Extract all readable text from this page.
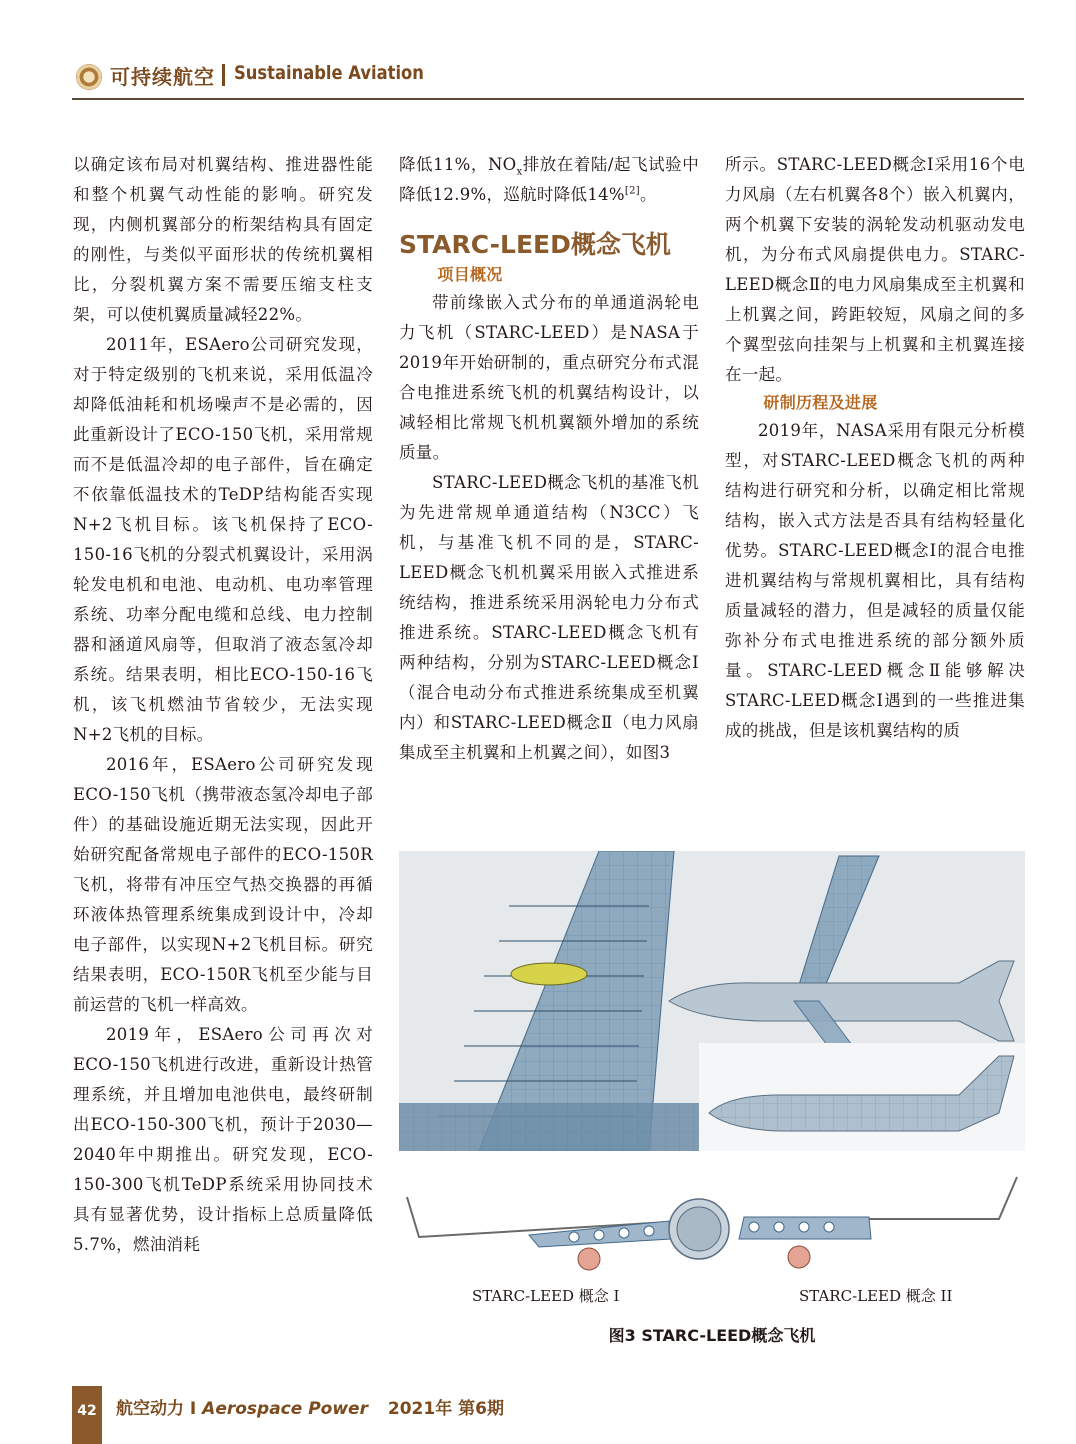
可持续航空 Sustainable Aviation

以确定该布局对机翼结构、推进器性能和整个机翼气动性能的影响。研究发现，内侧机翼部分的桁架结构具有固定的刚性，与类似平面形状的传统机翼相比，分裂机翼方案不需要压缩支柱支架，可以使机翼质量减轻22%。

2011年，ESAero公司研究发现，对于特定级别的飞机来说，采用低温冷却降低油耗和机场噪声不是必需的，因此重新设计了ECO-150飞机，采用常规而不是低温冷却的电子部件，旨在确定不依靠低温技术的TeDP结构能否实现N+2飞机目标。该飞机保持了ECO-150-16飞机的分裂式机翼设计，采用涡轮发电机和电池、电动机、电功率管理系统、功率分配电缆和总线、电力控制器和涵道风扇等，但取消了液态氢冷却系统。结果表明，相比ECO-150-16飞机，该飞机燃油节省较少，无法实现N+2飞机的目标。

2016年，ESAero公司研究发现ECO-150飞机（携带液态氢冷却电子部件）的基础设施近期无法实现，因此开始研究配备常规电子部件的ECO-150R飞机，将带有冲压空气热交换器的再循环液体热管理系统集成到设计中，冷却电子部件，以实现N+2飞机目标。研究结果表明，ECO-150R飞机至少能与目前运营的飞机一样高效。

2019年，ESAero公司再次对ECO-150飞机进行改进，重新设计热管理系统，并且增加电池供电，最终研制出ECO-150-300飞机，预计于2030—2040年中期推出。研究发现，ECO-150-300飞机TeDP系统采用协同技术具有显著优势，设计指标上总质量降低5.7%，燃油消耗

降低11%，$NO_x$排放在着陆/起飞试验中降低12.9%，巡航时降低14%[2]。

STARC-LEED概念飞机
项目概况

带前缘嵌入式分布的单通道涡轮电力飞机（STARC-LEED）是NASA于2019年开始研制的，重点研究分布式混合电推进系统飞机的机翼结构设计，以减轻相比常规飞机机翼额外增加的系统质量。

STARC-LEED概念飞机的基准飞机为先进常规单通道结构（N3CC）飞机，与基准飞机不同的是，STARC-LEED概念飞机机翼采用嵌入式推进系统结构，推进系统采用涡轮电力分布式推进系统。STARC-LEED概念飞机有两种结构，分别为STARC-LEED概念Ⅰ（混合电动分布式推进系统集成至机翼内）和STARC-LEED概念Ⅱ（电力风扇集成至主机翼和上机翼之间），如图3

所示。STARC-LEED概念Ⅰ采用16个电力风扇（左右机翼各8个）嵌入机翼内，两个机翼下安装的涡轮发动机驱动发电机，为分布式风扇提供电力。STARC-LEED概念Ⅱ的电力风扇集成至主机翼和上机翼之间，跨距较短，风扇之间的多个翼型弦向挂架与上机翼和主机翼连接在一起。

研制历程及进展

2019年，NASA采用有限元分析模型，对STARC-LEED概念飞机的两种结构进行研究和分析，以确定相比常规结构，嵌入式方法是否具有结构轻量化优势。STARC-LEED概念Ⅰ的混合电推进机翼结构与常规机翼相比，具有结构质量减轻的潜力，但是减轻的质量仅能弥补分布式电推进系统的部分额外质量。STARC-LEED概念Ⅱ能够解决STARC-LEED概念Ⅰ遇到的一些推进集成的挑战，但是该机翼结构的质

STARC-LEED 概念 I	STARC-LEED 概念 II
图3 STARC-LEED概念飞机
42	航空动力 I Aerospace Power 2021年 第6期
